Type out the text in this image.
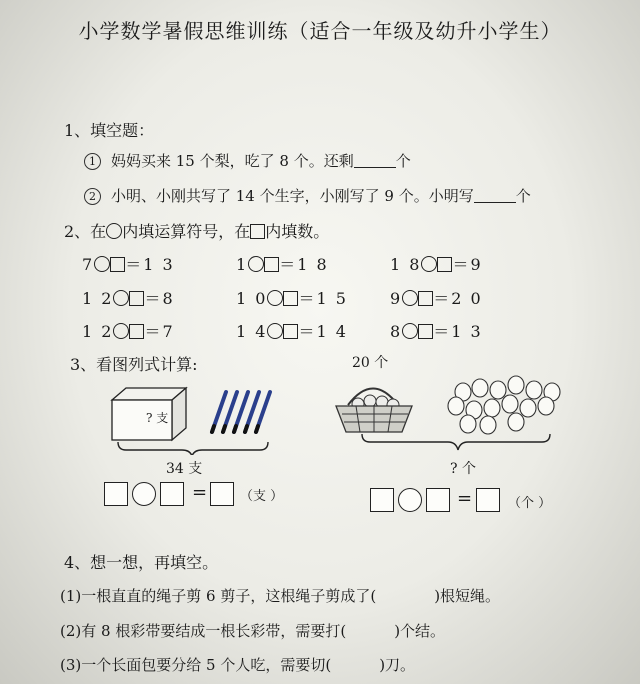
小学数学暑假思维训练（适合一年级及幼升小学生）
1、填空题：
1 妈妈买来 15 个梨，吃了 8 个。还剩	个
2 小明、小刚共写了 14 个生字，小刚写了 9 个。小明写	个
2、在 内填运算符号，在 内填数。
7 ＝1 3	1 ＝1 8	1 8 ＝9
1 2 ＝8	1 0 ＝1 5	9 ＝2 0
1 2 ＝7	1 4 ＝1 4	8 ＝1 3
3、看图列式计算:	20 个
? 支
34 支
=	（支 ）
? 个
=	（个 ）
4、想一想，再填空。
(1)一根直直的绳子剪 6 剪子，这根绳子剪成了(	)根短绳。
(2)有 8 根彩带要结成一根长彩带，需要打(	)个结。
(3)一个长面包要分给 5 个人吃，需要切(	)刀。
